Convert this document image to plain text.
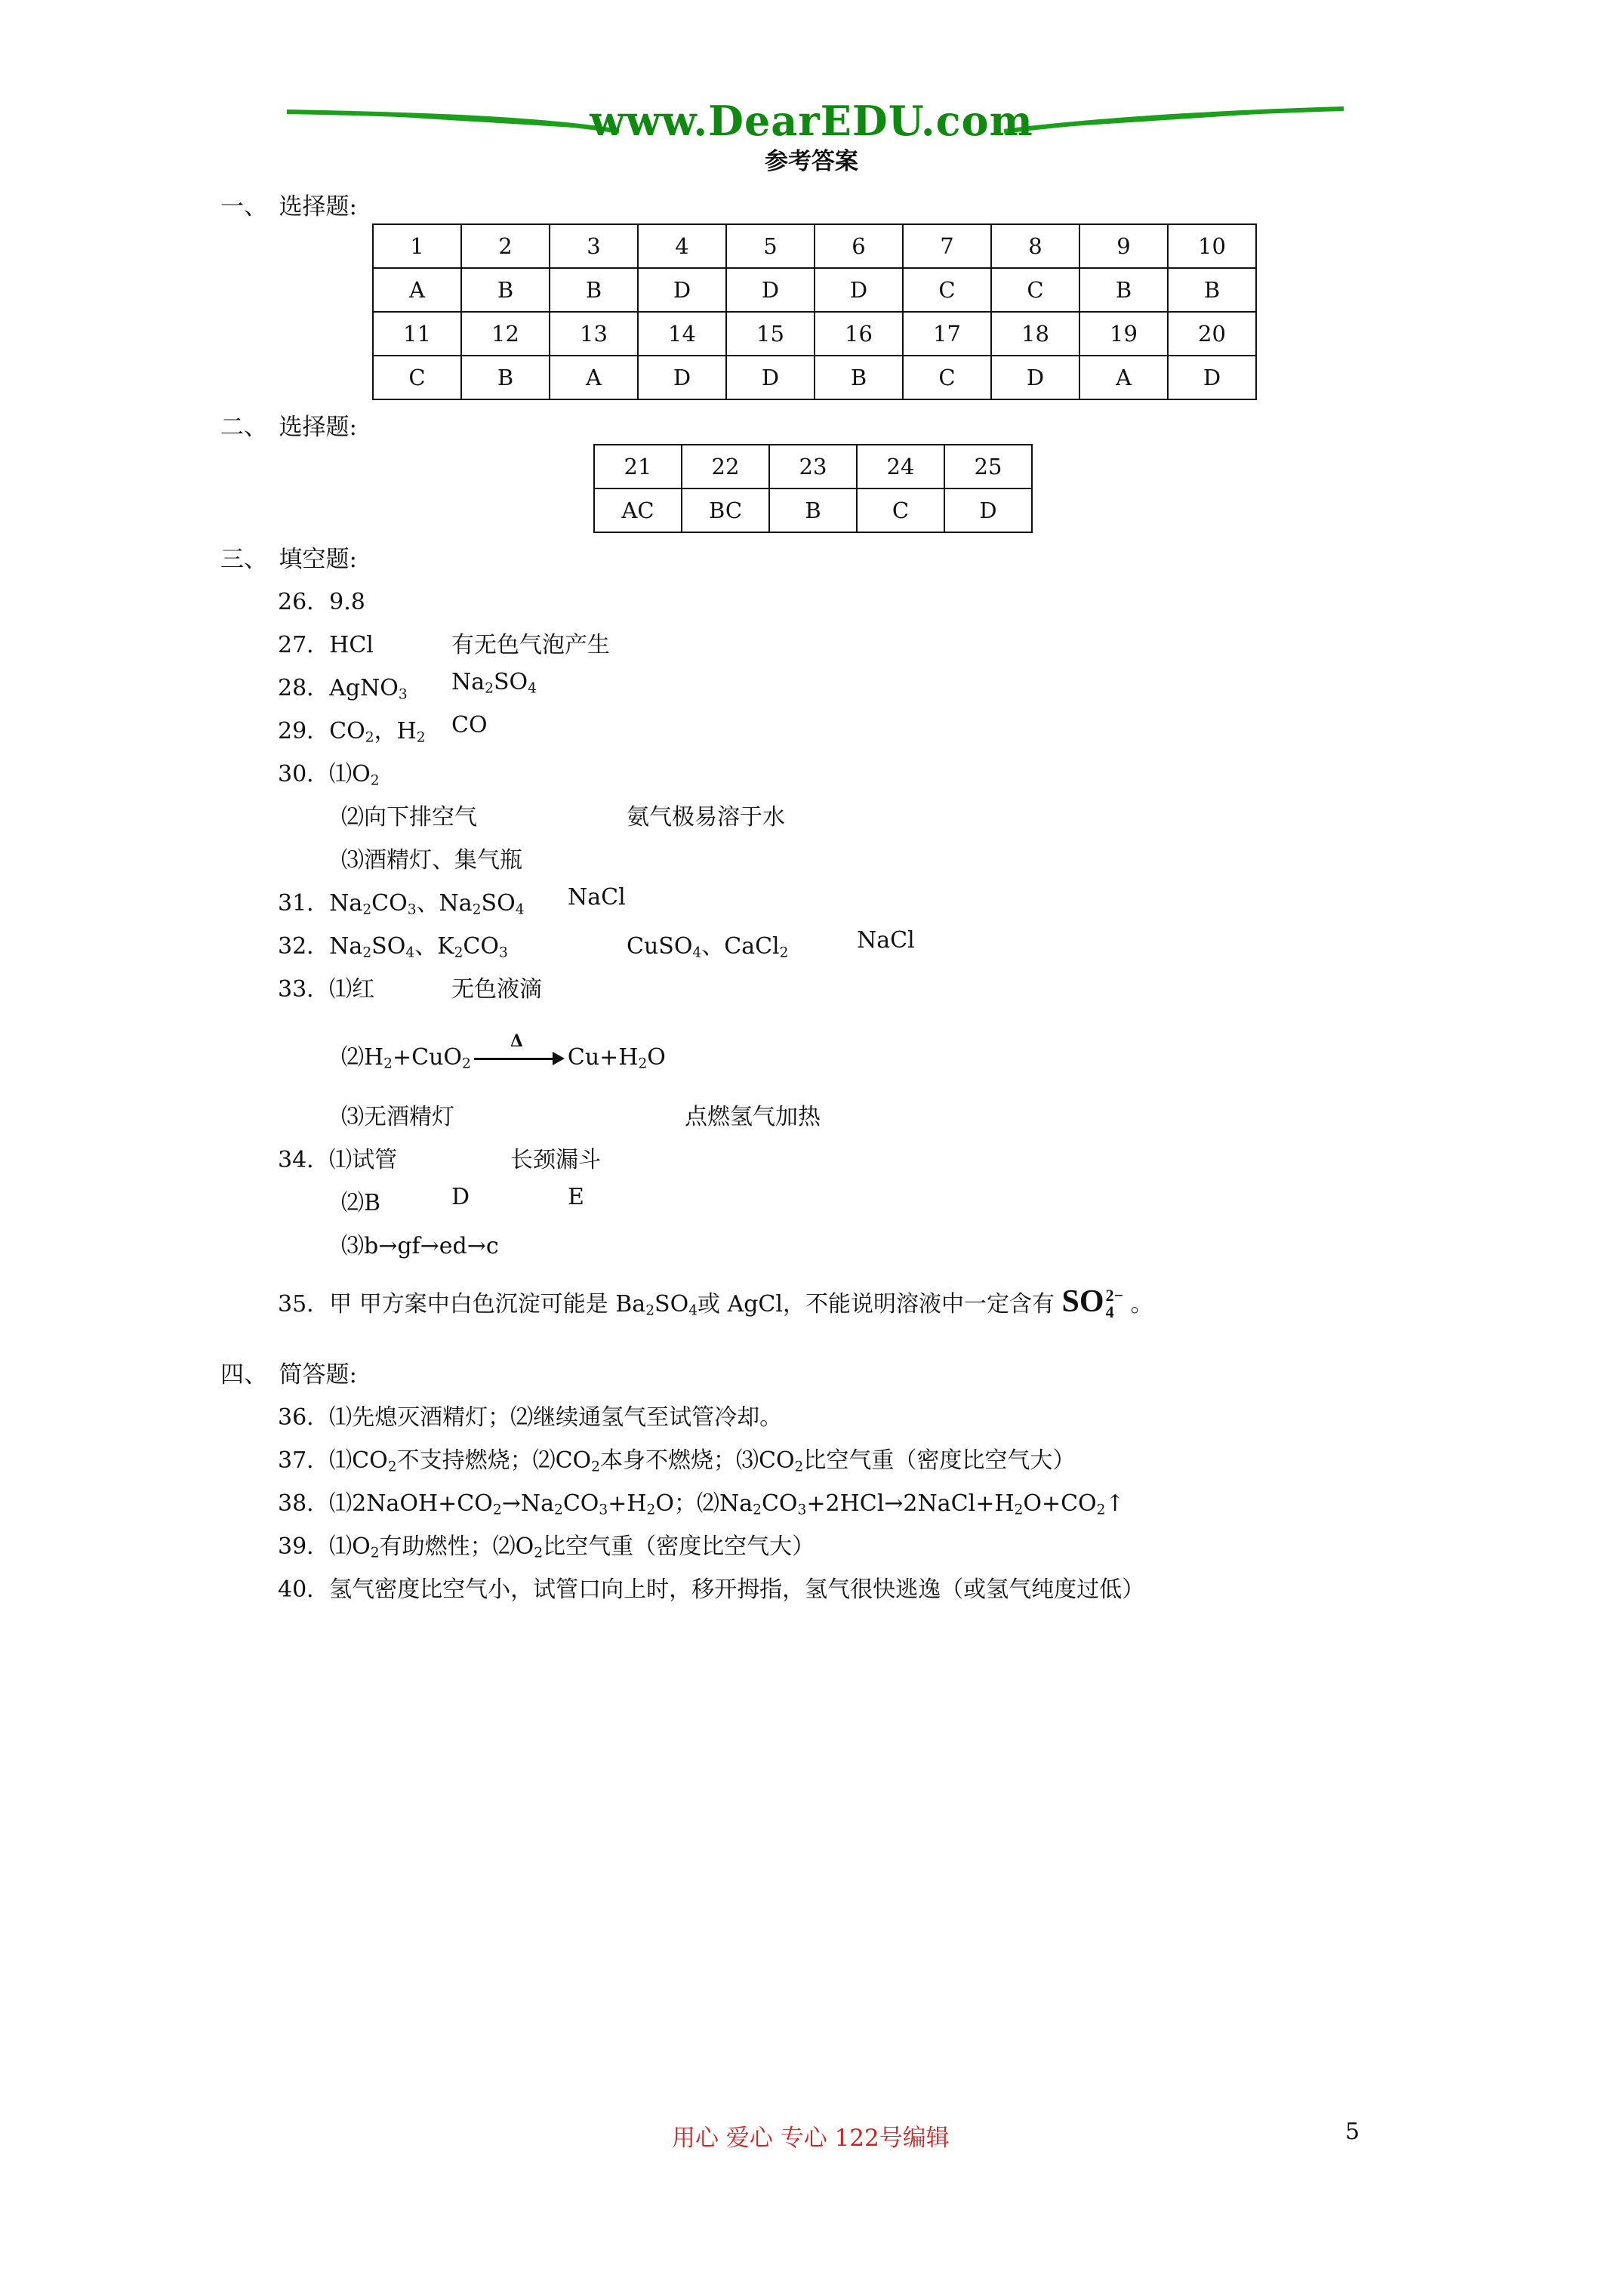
www.DearEDU.com
参考答案
一、　选择题:
1	2	3	4	5	6	7	8	9	10
A	B	B	D	D	D	C	C	B	B
11	12	13	14	15	16	17	18	19	20
C	B	A	D	D	B	C	D	A	D
二、　选择题:
21	22	23	24	25
AC	BC	B	C	D
三、　填空题:
26．9.8
27．HCl	有无色气泡产生
28．AgNO$_3$ $Na_2SO_4$
29．$CO_2$，$H_2$ CO
30．$⑴O_2$
⑵向下排空气	氨气极易溶于水
⑶酒精灯、集气瓶
31．$Na_2CO_3$、$Na_2SO_4$ NaCl
32．$Na_2SO_4$、$K_2CO_3$	CuSO$_4$、CaCl$_2$	NaCl
33．⑴红	无色液滴
$⑵H_2+CuO_2$
Δ
$Cu+H_2O$
⑶无酒精灯	点燃氢气加热
34．⑴试管	长颈漏斗
⑵B	D	E
⑶b→gf→ed→c
35．甲 甲方案中白色沉淀可能是 $Ba_2SO_4$或 AgCl，不能说明溶液中一定含有 SO 2−
4 。
四、　简答题:
36．⑴先熄灭酒精灯；⑵继续通氢气至试管冷却。
37．$⑴CO_2$不支持燃烧；$⑵CO_2$本身不燃烧；$⑶CO_2$比空气重（密度比空气大）
38．$⑴2NaOH+CO_2\to Na_2CO_3+H_2O$；$⑵Na_2CO_3+2HCl\to 2NaCl+H_2O+CO_2↑$
39．$⑴O_2$有助燃性；$⑵O_2$比空气重（密度比空气大）
40．氢气密度比空气小，试管口向上时，移开拇指，氢气很快逃逸（或氢气纯度过低）
用心 爱心 专心 122号编辑	5
